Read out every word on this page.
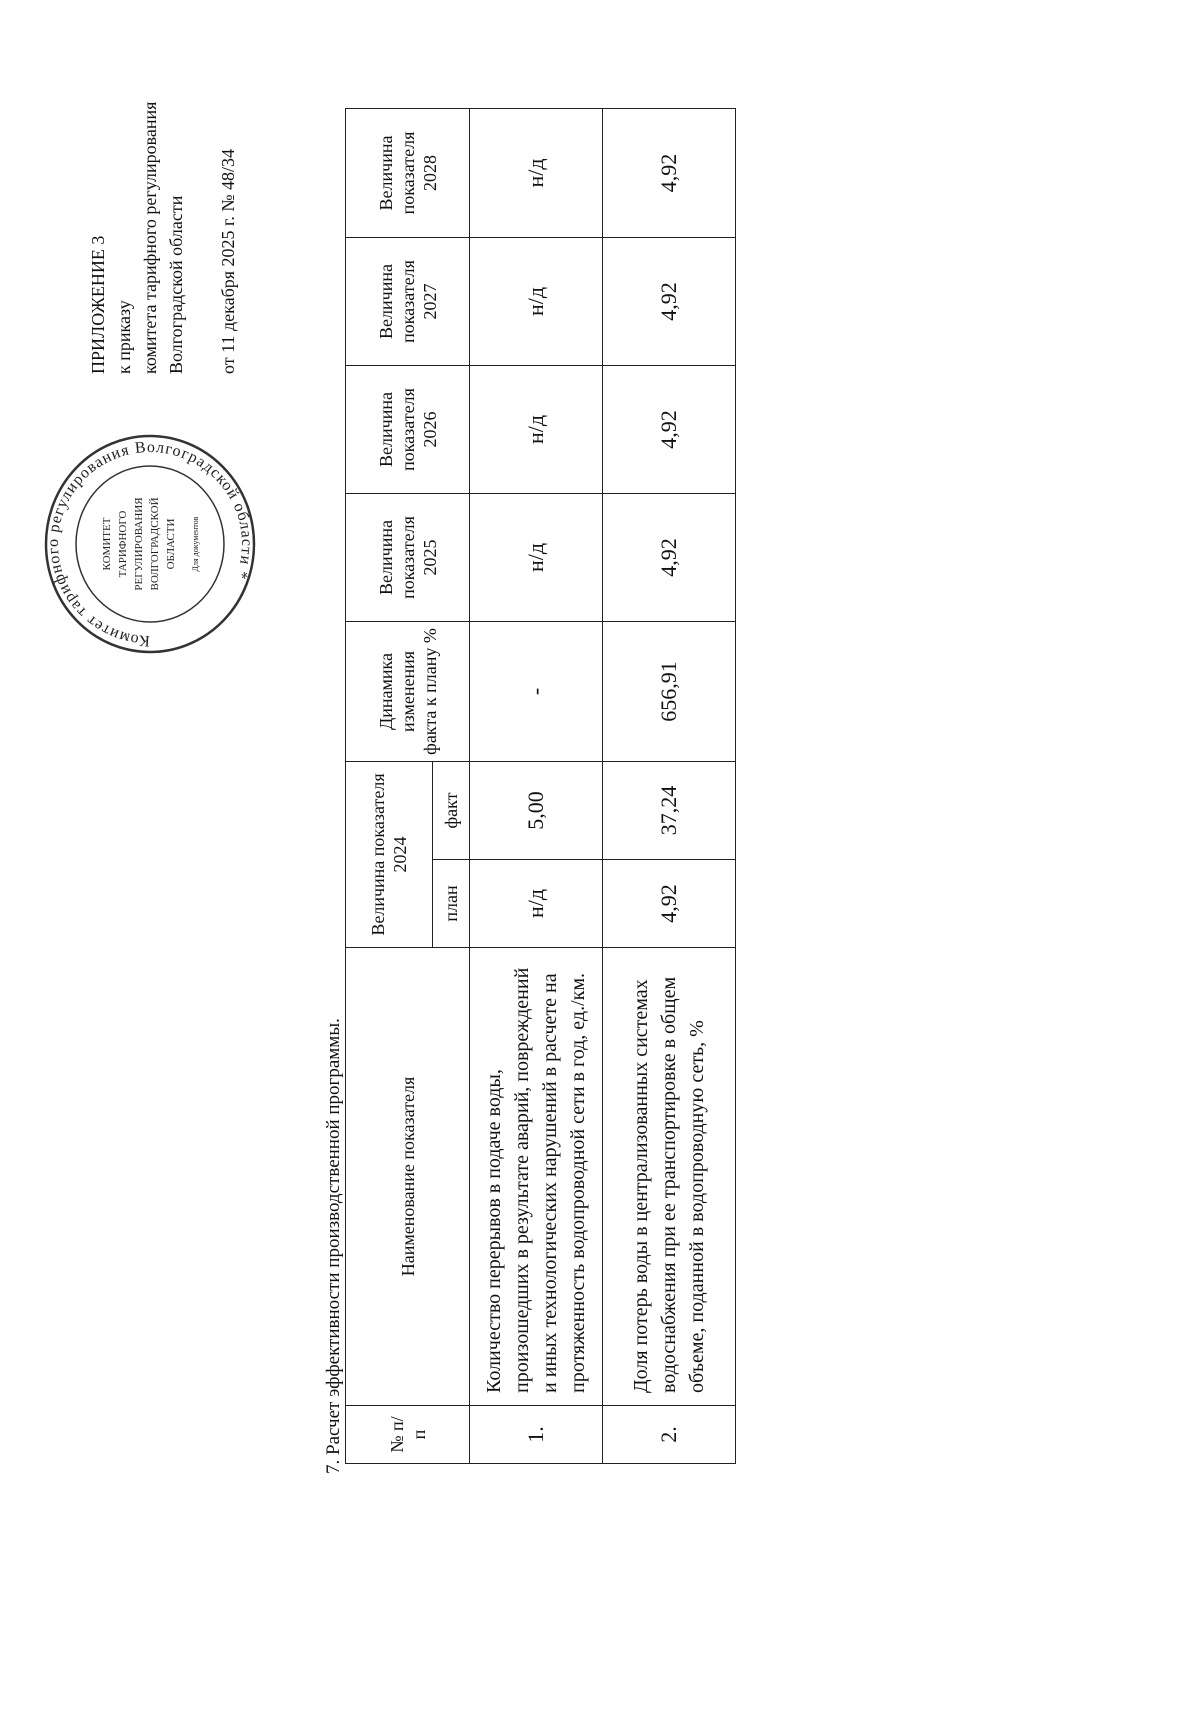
Комитет тарифного регулирования Волгоградской области *
КОМИТЕТ ТАРИФНОГО РЕГУЛИРОВАНИЯ ВОЛГОГРАДСКОЙ ОБЛАСТИ Для документов
ПРИЛОЖЕНИЕ 3 к приказу комитета тарифного регулирования Волгоградской области от 11 декабря 2025 г. № 48/34
7. Расчет эффективности производственной программы. № п/п	Наименование показателя	Величина показателя 2024		Динамика изменения факта к плану %	Величина показателя 2025	Величина показателя 2026	Величина показателя 2027	Величина показателя 2028
		план	факт					
1.	Количество перерывов в подаче воды, произошедших в результате аварий, повреждений и иных технологических нарушений в расчете на протяженность водопроводной сети в год, ед./км.	н/д	5,00	-	н/д	н/д	н/д	н/д
2.	Доля потерь воды в централизованных системах водоснабжения при ее транспортировке в общем объеме, поданной в водопроводную сеть, %	4,92	37,24	656,91	4,92	4,92	4,92	4,92
